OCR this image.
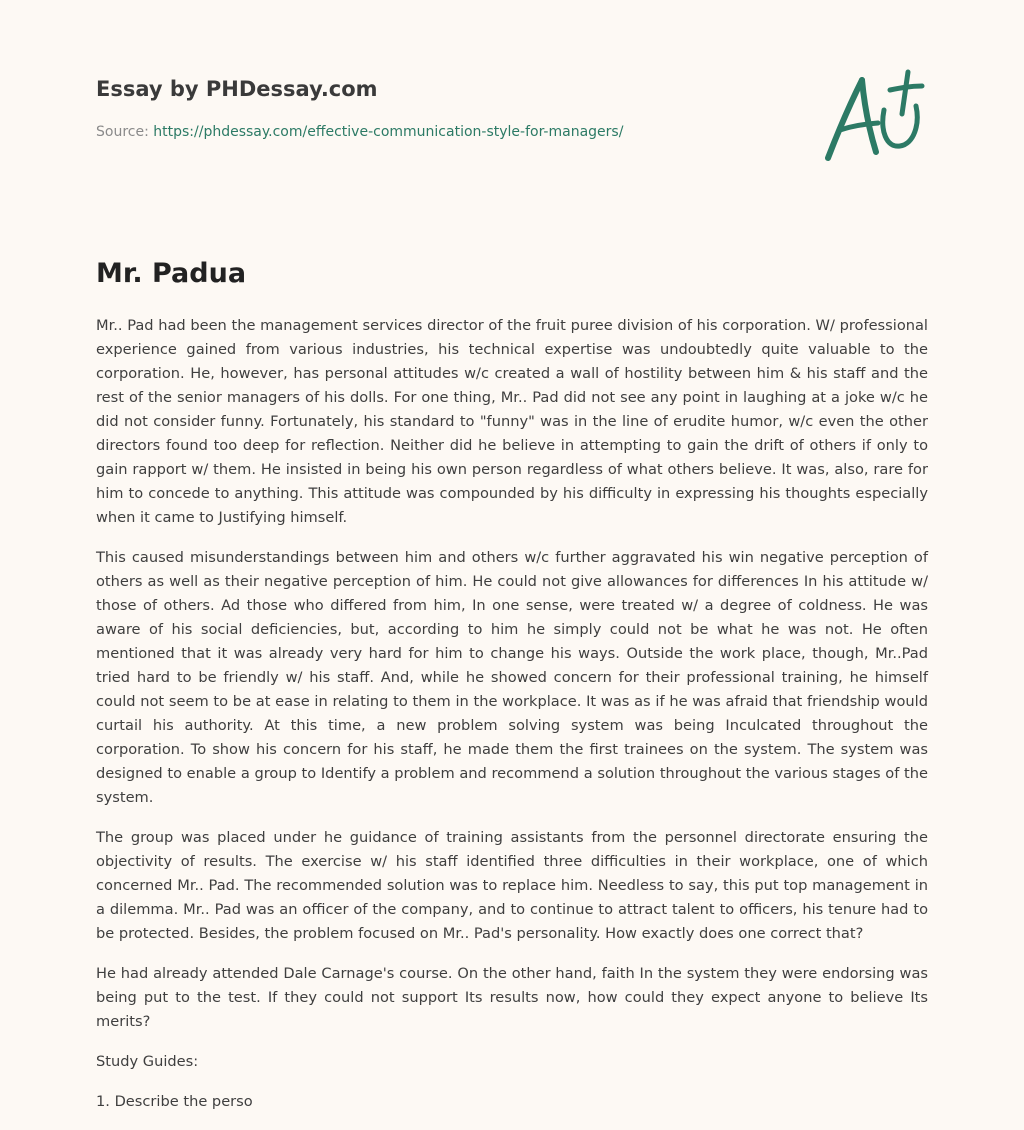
Essay by PHDessay.com
Source: https://phdessay.com/effective-communication-style-for-managers/
Mr. Padua

Mr.. Pad had been the management services director of the fruit puree division of his corporation. W/ professional experience gained from various industries, his technical expertise was undoubtedly quite valuable to the corporation. He, however, has personal attitudes w/c created a wall of hostility between him & his staff and the rest of the senior managers of his dolls. For one thing, Mr.. Pad did not see any point in laughing at a joke w/c he did not consider funny. Fortunately, his standard to "funny" was in the line of erudite humor, w/c even the other directors found too deep for reflection. Neither did he believe in attempting to gain the drift of others if only to gain rapport w/ them. He insisted in being his own person regardless of what others believe. It was, also, rare for him to concede to anything. This attitude was compounded by his difficulty in expressing his thoughts especially when it came to Justifying himself.

This caused misunderstandings between him and others w/c further aggravated his win negative perception of others as well as their negative perception of him. He could not give allowances for differences In his attitude w/ those of others. Ad those who differed from him, In one sense, were treated w/ a degree of coldness. He was aware of his social deficiencies, but, according to him he simply could not be what he was not. He often mentioned that it was already very hard for him to change his ways. Outside the work place, though, Mr..Pad tried hard to be friendly w/ his staff. And, while he showed concern for their professional training, he himself could not seem to be at ease in relating to them in the workplace. It was as if he was afraid that friendship would curtail his authority. At this time, a new problem solving system was being Inculcated throughout the corporation. To show his concern for his staff, he made them the first trainees on the system. The system was designed to enable a group to Identify a problem and recommend a solution throughout the various stages of the system.

The group was placed under he guidance of training assistants from the personnel directorate ensuring the objectivity of results. The exercise w/ his staff identified three difficulties in their workplace, one of which concerned Mr.. Pad. The recommended solution was to replace him. Needless to say, this put top management in a dilemma. Mr.. Pad was an officer of the company, and to continue to attract talent to officers, his tenure had to be protected. Besides, the problem focused on Mr.. Pad's personality. How exactly does one correct that?

He had already attended Dale Carnage's course. On the other hand, faith In the system they were endorsing was being put to the test. If they could not support Its results now, how could they expect anyone to believe Its merits?

Study Guides:

1. Describe the perso
